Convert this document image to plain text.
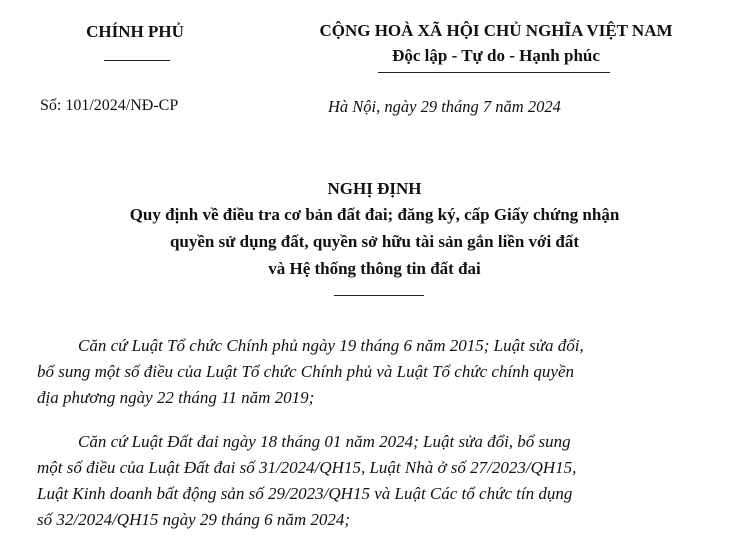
CHÍNH PHỦ	CỘNG HOÀ XÃ HỘI CHỦ NGHĨA VIỆT NAM
Độc lập - Tự do - Hạnh phúc
Số: 101/2024/NĐ-CP	Hà Nội, ngày 29 tháng 7 năm 2024
NGHỊ ĐỊNH
Quy định về điều tra cơ bản đất đai; đăng ký, cấp Giấy chứng nhận
quyền sử dụng đất, quyền sở hữu tài sản gắn liền với đất
và Hệ thống thông tin đất đai
Căn cứ Luật Tổ chức Chính phủ ngày 19 tháng 6 năm 2015; Luật sửa đổi,
bổ sung một số điều của Luật Tổ chức Chính phủ và Luật Tổ chức chính quyền
địa phương ngày 22 tháng 11 năm 2019;
Căn cứ Luật Đất đai ngày 18 tháng 01 năm 2024; Luật sửa đổi, bổ sung
một số điều của Luật Đất đai số 31/2024/QH15, Luật Nhà ở số 27/2023/QH15,
Luật Kinh doanh bất động sản số 29/2023/QH15 và Luật Các tổ chức tín dụng
số 32/2024/QH15 ngày 29 tháng 6 năm 2024;
